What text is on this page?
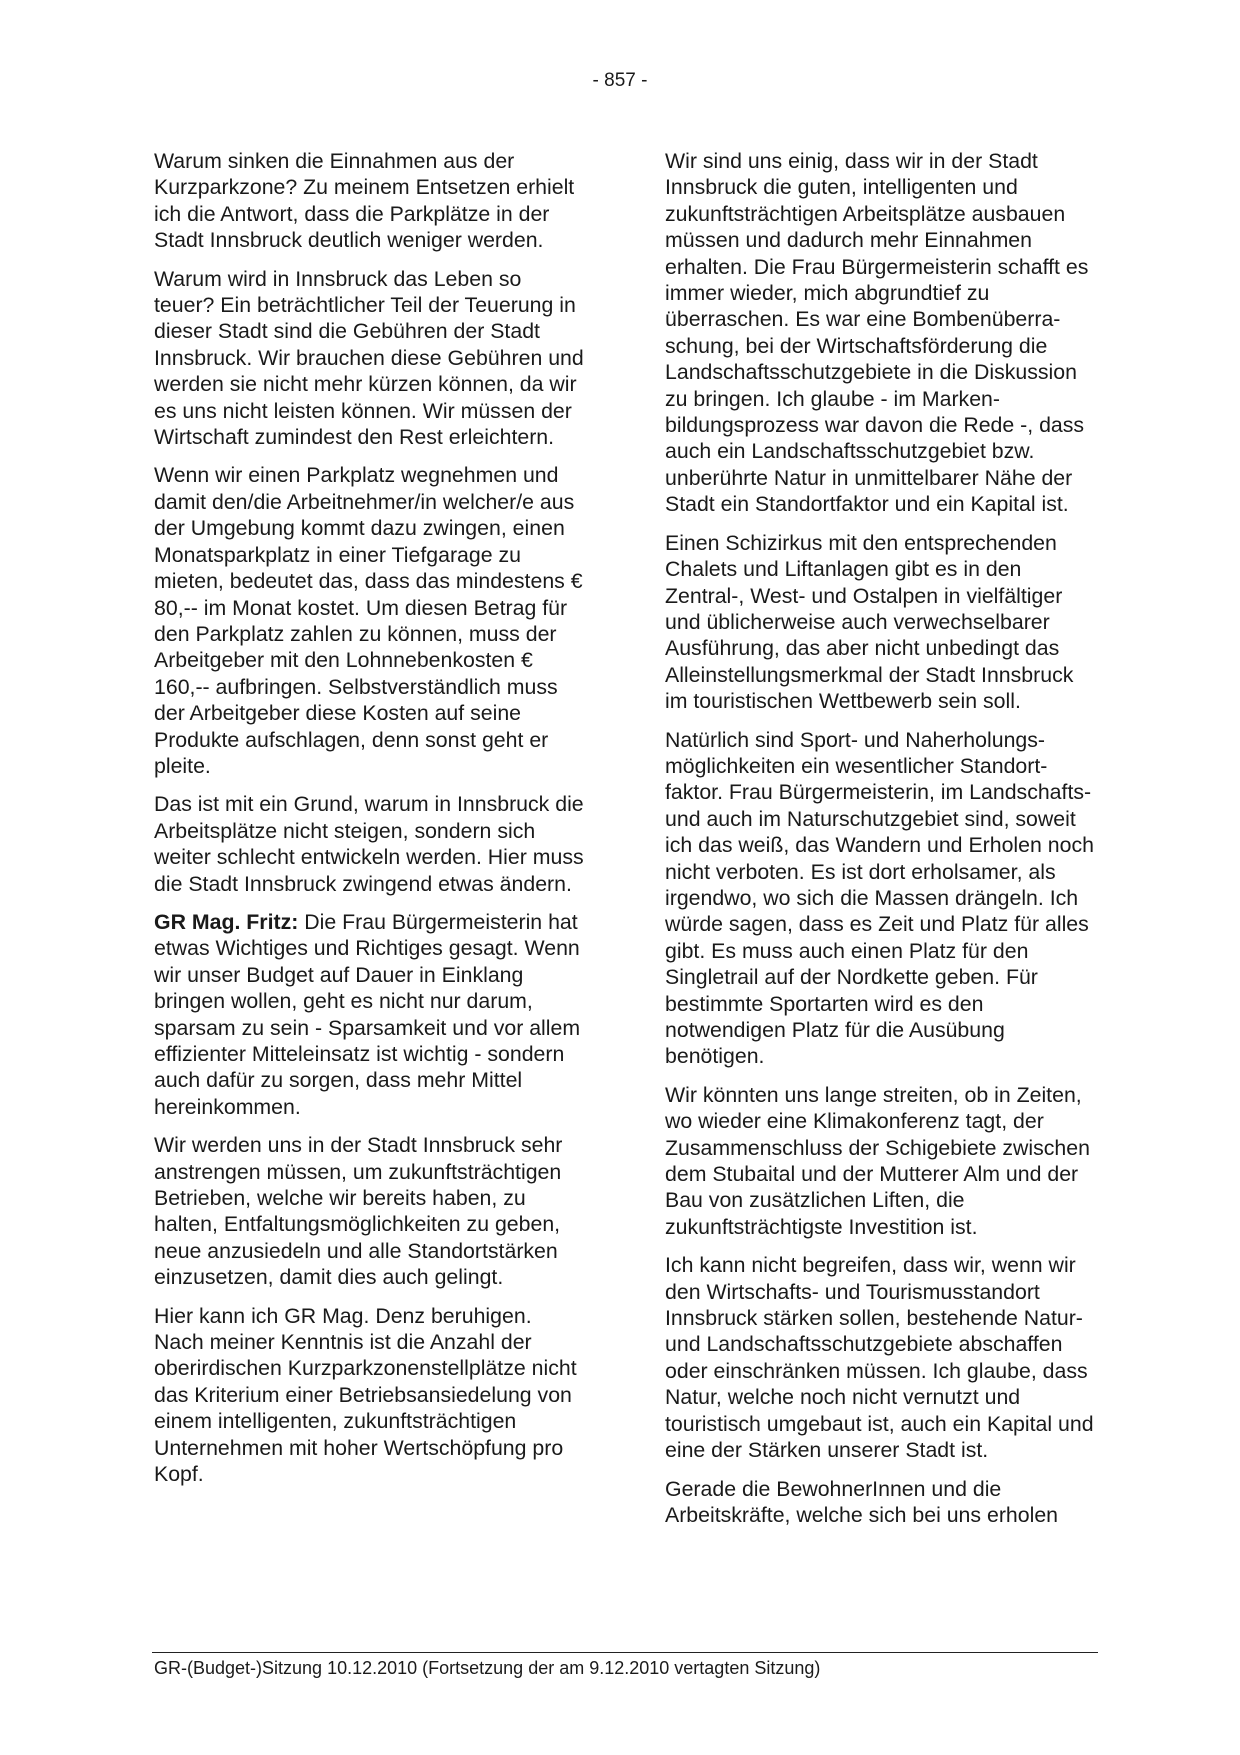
- 857 -

Warum sinken die Einnahmen aus der Kurzparkzone? Zu meinem Entsetzen erhielt ich die Antwort, dass die Parkplätze in der Stadt Innsbruck deutlich weniger werden.

Warum wird in Innsbruck das Leben so teuer? Ein beträchtlicher Teil der Teuerung in dieser Stadt sind die Gebühren der Stadt Innsbruck. Wir brauchen diese Gebühren und werden sie nicht mehr kürzen können, da wir es uns nicht leisten können. Wir müssen der Wirtschaft zumindest den Rest erleichtern.

Wenn wir einen Parkplatz wegnehmen und damit den/die Arbeitnehmer/in welcher/e aus der Umgebung kommt dazu zwingen, einen Monatsparkplatz in einer Tiefgarage zu mieten, bedeutet das, dass das mindestens € 80,-- im Monat kostet. Um diesen Betrag für den Parkplatz zahlen zu können, muss der Arbeitgeber mit den Lohnnebenkosten € 160,-- aufbringen. Selbstverständlich muss der Arbeitgeber diese Kosten auf seine Produkte aufschlagen, denn sonst geht er pleite.

Das ist mit ein Grund, warum in Innsbruck die Arbeitsplätze nicht steigen, sondern sich weiter schlecht entwickeln werden. Hier muss die Stadt Innsbruck zwingend etwas ändern.

GR Mag. Fritz: Die Frau Bürgermeisterin hat etwas Wichtiges und Richtiges gesagt. Wenn wir unser Budget auf Dauer in Einklang bringen wollen, geht es nicht nur darum, sparsam zu sein - Sparsamkeit und vor allem effizienter Mitteleinsatz ist wichtig - sondern auch dafür zu sorgen, dass mehr Mittel hereinkommen.

Wir werden uns in der Stadt Innsbruck sehr anstrengen müssen, um zukunftsträchtigen Betrieben, welche wir bereits haben, zu halten, Entfaltungsmöglichkeiten zu geben, neue anzusiedeln und alle Standortstärken einzusetzen, damit dies auch gelingt.

Hier kann ich GR Mag. Denz beruhigen. Nach meiner Kenntnis ist die Anzahl der oberirdischen Kurzparkzonenstellplätze nicht das Kriterium einer Betriebsansiedelung von einem intelligenten, zukunftsträchtigen Unternehmen mit hoher Wertschöpfung pro Kopf.

Wir sind uns einig, dass wir in der Stadt Innsbruck die guten, intelligenten und zukunftsträchtigen Arbeitsplätze ausbauen müssen und dadurch mehr Einnahmen erhalten. Die Frau Bürgermeisterin schafft es immer wieder, mich abgrundtief zu überraschen. Es war eine Bombenüberraschung, bei der Wirtschaftsförderung die Landschaftsschutzgebiete in die Diskussion zu bringen. Ich glaube - im Markenbildungsprozess war davon die Rede -, dass auch ein Landschaftsschutzgebiet bzw. unberührte Natur in unmittelbarer Nähe der Stadt ein Standortfaktor und ein Kapital ist.

Einen Schizirkus mit den entsprechenden Chalets und Liftanlagen gibt es in den Zentral-, West- und Ostalpen in vielfältiger und üblicherweise auch verwechselbarer Ausführung, das aber nicht unbedingt das Alleinstellungsmerkmal der Stadt Innsbruck im touristischen Wettbewerb sein soll.

Natürlich sind Sport- und Naherholungsmöglichkeiten ein wesentlicher Standortfaktor. Frau Bürgermeisterin, im Landschafts- und auch im Naturschutzgebiet sind, soweit ich das weiß, das Wandern und Erholen noch nicht verboten. Es ist dort erholsamer, als irgendwo, wo sich die Massen drängeln. Ich würde sagen, dass es Zeit und Platz für alles gibt. Es muss auch einen Platz für den Singletrail auf der Nordkette geben. Für bestimmte Sportarten wird es den notwendigen Platz für die Ausübung benötigen.

Wir könnten uns lange streiten, ob in Zeiten, wo wieder eine Klimakonferenz tagt, der Zusammenschluss der Schigebiete zwischen dem Stubaital und der Mutterer Alm und der Bau von zusätzlichen Liften, die zukunftsträchtigste Investition ist.

Ich kann nicht begreifen, dass wir, wenn wir den Wirtschafts- und Tourismusstandort Innsbruck stärken sollen, bestehende Natur- und Landschaftsschutzgebiete abschaffen oder einschränken müssen. Ich glaube, dass Natur, welche noch nicht vernutzt und touristisch umgebaut ist, auch ein Kapital und eine der Stärken unserer Stadt ist.

Gerade die BewohnerInnen und die Arbeitskräfte, welche sich bei uns erholen

GR-(Budget-)Sitzung 10.12.2010 (Fortsetzung der am 9.12.2010 vertagten Sitzung)
